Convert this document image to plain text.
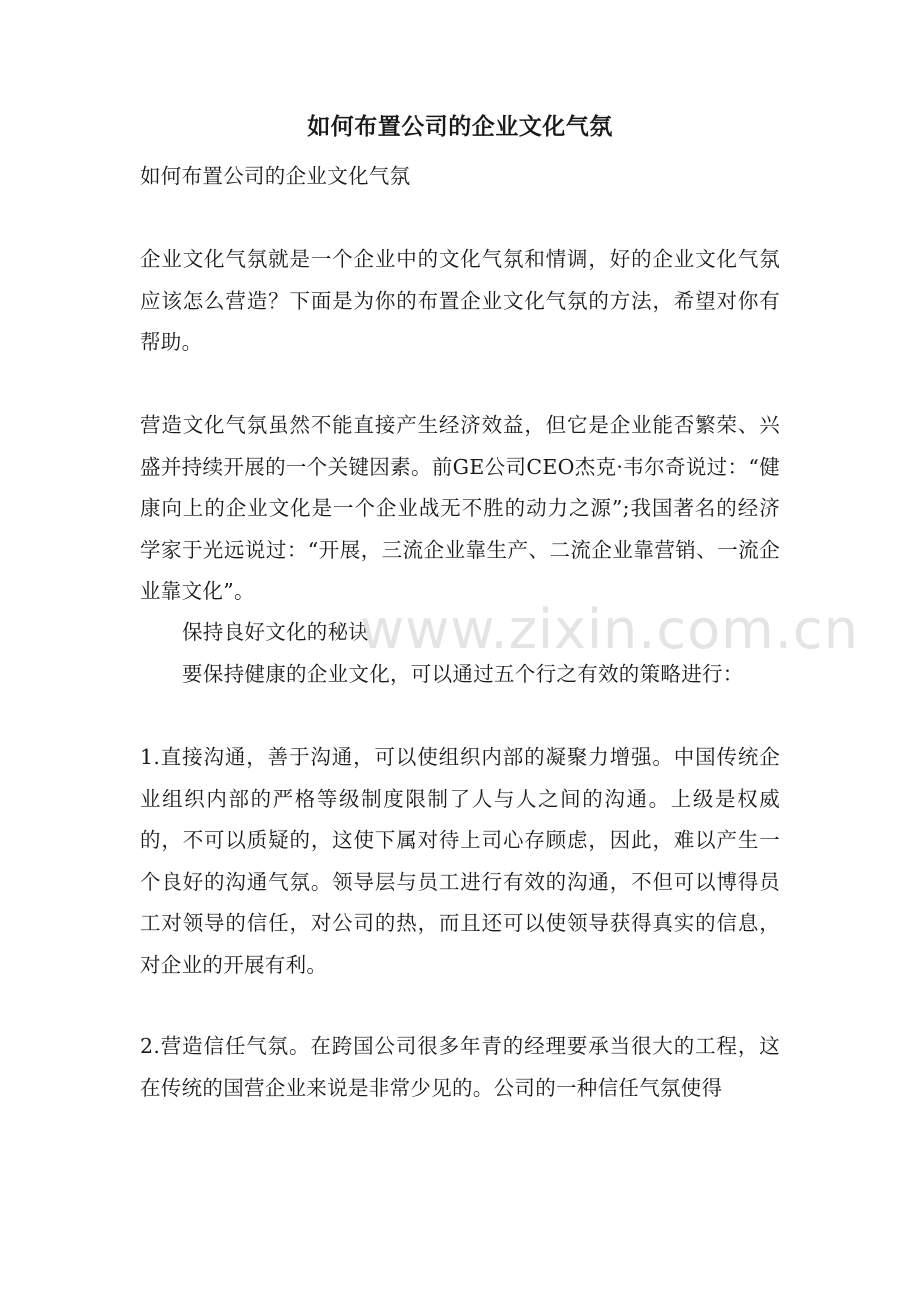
如何布置公司的企业文化气氛
如何布置公司的企业文化气氛
企业文化气氛就是一个企业中的文化气氛和情调，好的企业文化气氛应该怎么营造？下面是为你的布置企业文化气氛的方法，希望对你有帮助。
营造文化气氛虽然不能直接产生经济效益，但它是企业能否繁荣、兴盛并持续开展的一个关键因素。前GE公司CEO杰克·韦尔奇说过：“健康向上的企业文化是一个企业战无不胜的动力之源”;我国著名的经济学家于光远说过：“开展，三流企业靠生产、二流企业靠营销、一流企业靠文化”。
保持良好文化的秘诀
要保持健康的企业文化，可以通过五个行之有效的策略进行：
1.直接沟通，善于沟通，可以使组织内部的凝聚力增强。中国传统企业组织内部的严格等级制度限制了人与人之间的沟通。上级是权威的，不可以质疑的，这使下属对待上司心存顾虑，因此，难以产生一个良好的沟通气氛。领导层与员工进行有效的沟通，不但可以博得员工对领导的信任，对公司的热，而且还可以使领导获得真实的信息，对企业的开展有利。
2.营造信任气氛。在跨国公司很多年青的经理要承当很大的工程，这在传统的国营企业来说是非常少见的。公司的一种信任气氛使得
www.zixin.com.cn
